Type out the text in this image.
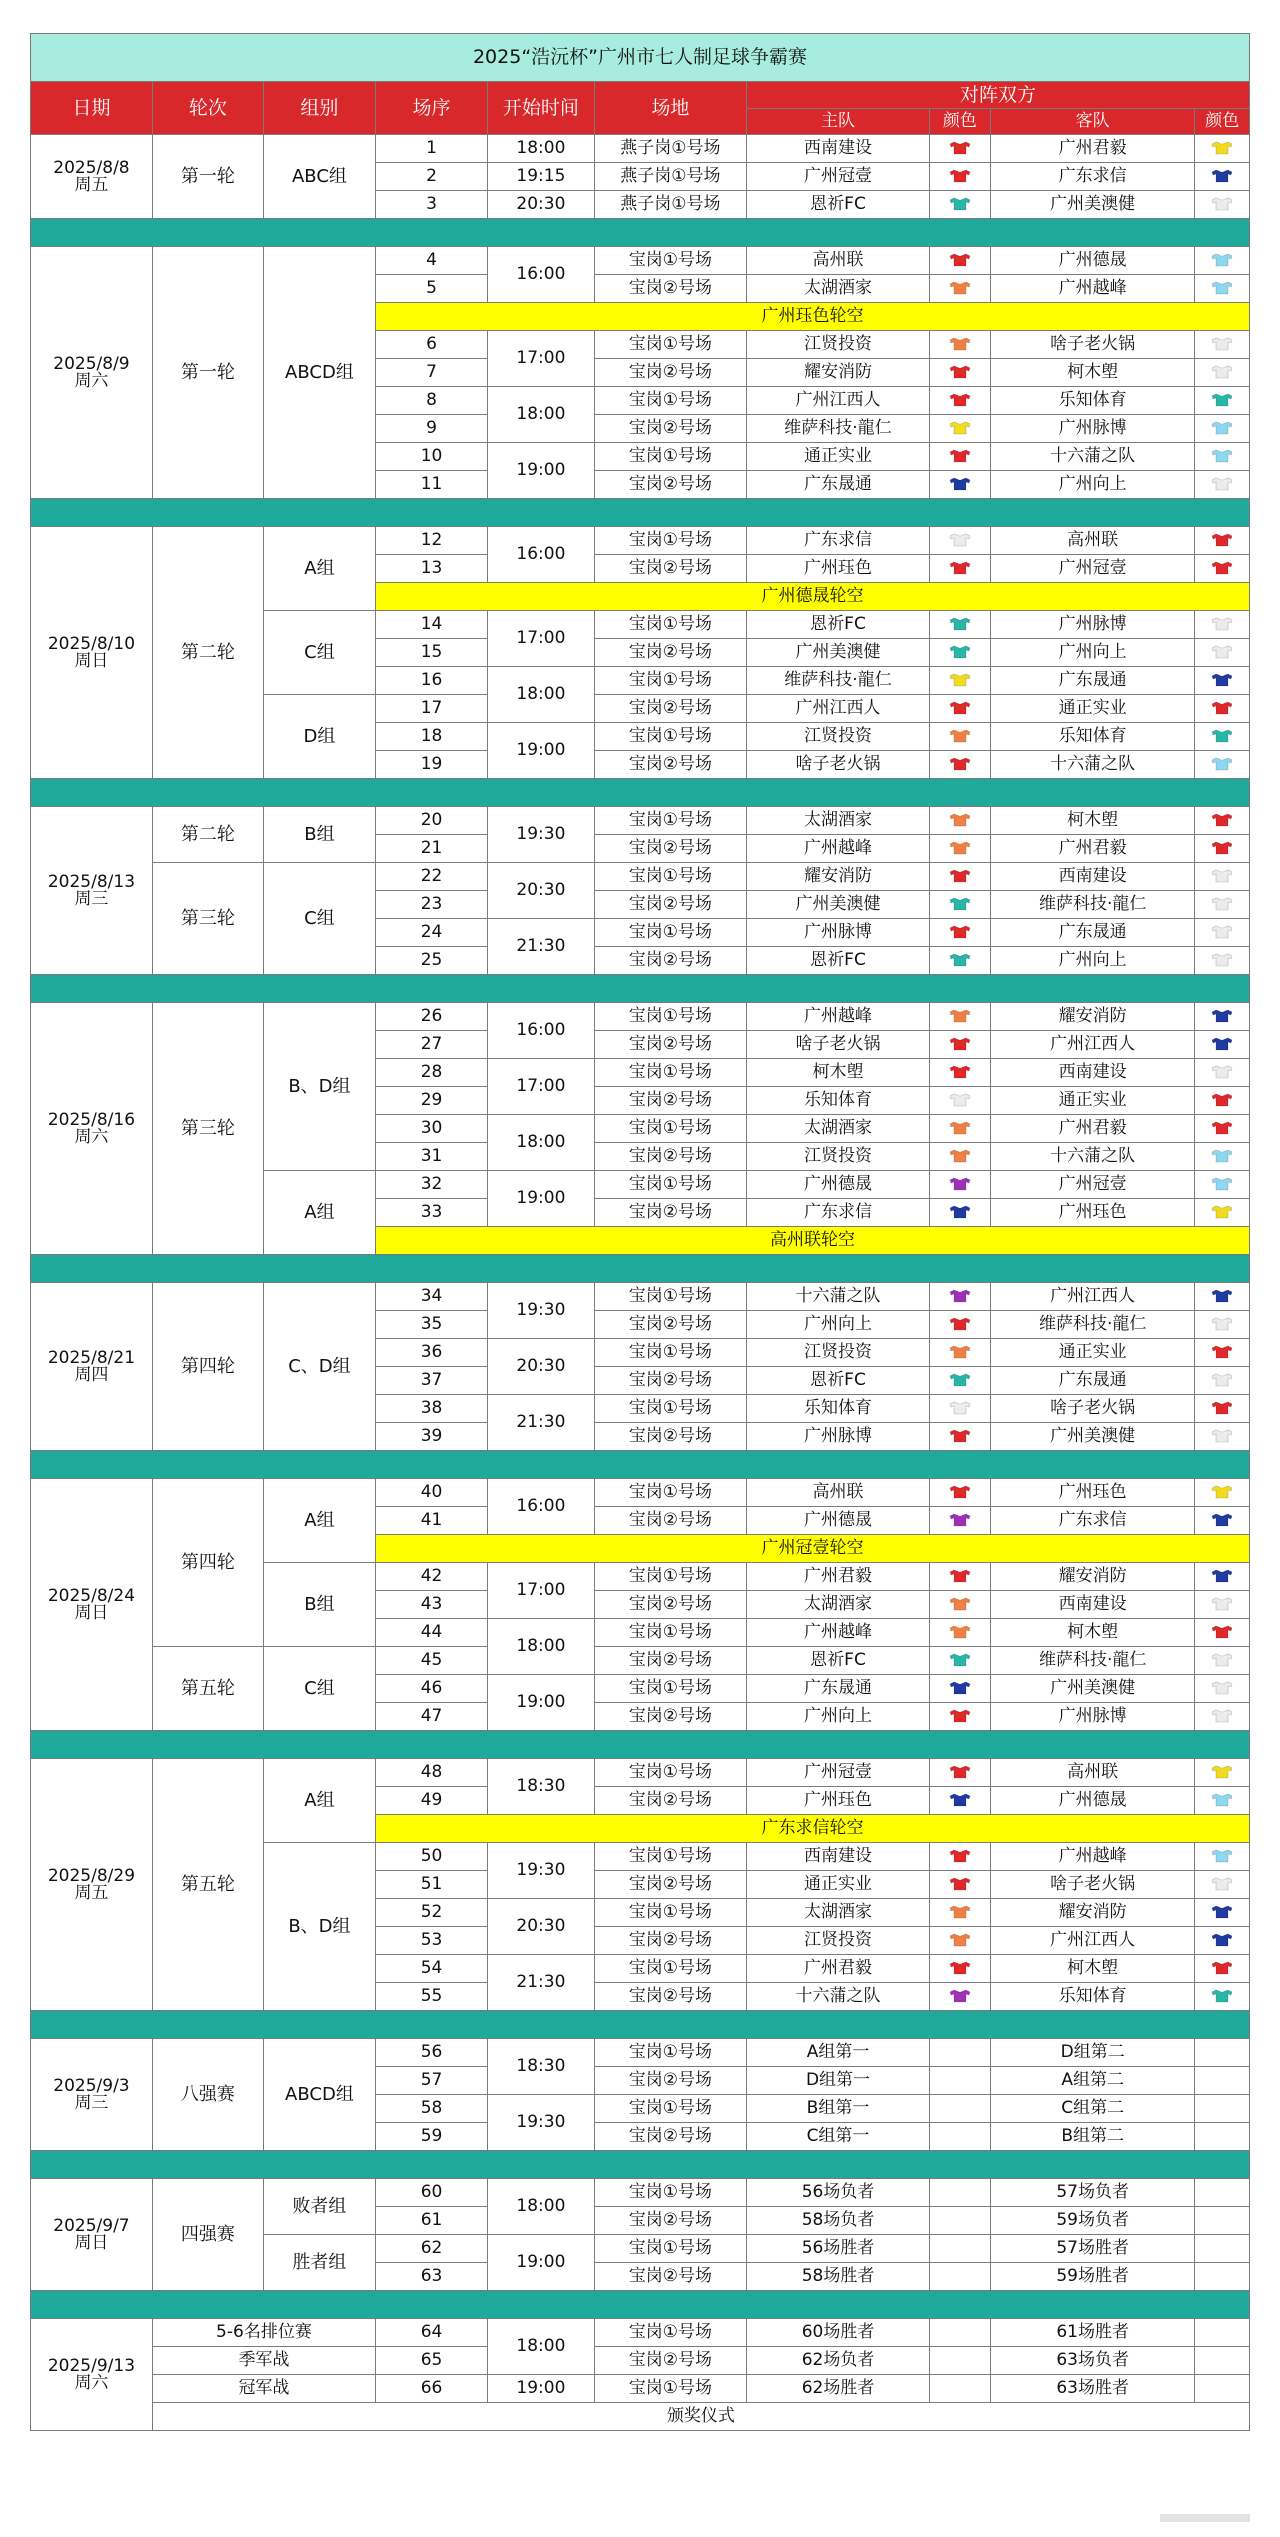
2025“浩沅杯”广州市七人制足球争霸赛									
日期	轮次	组别	场序	开始时间	场地	对阵双方			
						主队	颜色	客队	颜色

2025/8/8
周五	第一轮	ABC组	1	18:00	燕子岗①号场	西南建设		广州君毅	

			2	19:15	燕子岗①号场	广州冠壹		广东求信	

			3	20:30	燕子岗①号场	恩祈FC		广州美澳健	

2025/8/9
周六	第一轮	ABCD组	4	16:00	宝岗①号场	高州联		广州德晟	

			5		宝岗②号场	太湖酒家		广州越峰	

			广州珏色轮空						
			6	17:00	宝岗①号场	江贤投资		啥子老火锅	

			7		宝岗②号场	耀安消防		柯木塱	

			8	18:00	宝岗①号场	广州江西人		乐知体育	

			9		宝岗②号场	维萨科技·龍仁		广州脉博	

			10	19:00	宝岗①号场	通正实业		十六蒲之队	

			11		宝岗②号场	广东晟通		广州向上	

2025/8/10
周日	第二轮	A组	12	16:00	宝岗①号场	广东求信		高州联	

			13		宝岗②号场	广州珏色		广州冠壹	

			广州德晟轮空						
		C组	14	17:00	宝岗①号场	恩祈FC		广州脉博	

			15		宝岗②号场	广州美澳健		广州向上	

			16	18:00	宝岗①号场	维萨科技·龍仁		广东晟通	

		D组	17		宝岗②号场	广州江西人		通正实业	

			18	19:00	宝岗①号场	江贤投资		乐知体育	

			19		宝岗②号场	啥子老火锅		十六蒲之队	

2025/8/13
周三	第二轮	B组	20	19:30	宝岗①号场	太湖酒家		柯木塱	

			21		宝岗②号场	广州越峰		广州君毅	

	第三轮	C组	22	20:30	宝岗①号场	耀安消防		西南建设	

			23		宝岗②号场	广州美澳健		维萨科技·龍仁	

			24	21:30	宝岗①号场	广州脉博		广东晟通	

			25		宝岗②号场	恩祈FC		广州向上	

2025/8/16
周六	第三轮	B、D组	26	16:00	宝岗①号场	广州越峰		耀安消防	

			27		宝岗②号场	啥子老火锅		广州江西人	

			28	17:00	宝岗①号场	柯木塱		西南建设	

			29		宝岗②号场	乐知体育		通正实业	

			30	18:00	宝岗①号场	太湖酒家		广州君毅	

			31		宝岗②号场	江贤投资		十六蒲之队	

		A组	32	19:00	宝岗①号场	广州德晟		广州冠壹	

			33		宝岗②号场	广东求信		广州珏色	

			高州联轮空						

2025/8/21
周四	第四轮	C、D组	34	19:30	宝岗①号场	十六蒲之队		广州江西人	

			35		宝岗②号场	广州向上		维萨科技·龍仁	

			36	20:30	宝岗①号场	江贤投资		通正实业	

			37		宝岗②号场	恩祈FC		广东晟通	

			38	21:30	宝岗①号场	乐知体育		啥子老火锅	

			39		宝岗②号场	广州脉博		广州美澳健	

2025/8/24
周日	第四轮	A组	40	16:00	宝岗①号场	高州联		广州珏色	

			41		宝岗②号场	广州德晟		广东求信	

			广州冠壹轮空						
		B组	42	17:00	宝岗①号场	广州君毅		耀安消防	

			43		宝岗②号场	太湖酒家		西南建设	

			44	18:00	宝岗①号场	广州越峰		柯木塱	

	第五轮	C组	45		宝岗②号场	恩祈FC		维萨科技·龍仁	

			46	19:00	宝岗①号场	广东晟通		广州美澳健	

			47		宝岗②号场	广州向上		广州脉博	

2025/8/29
周五	第五轮	A组	48	18:30	宝岗①号场	广州冠壹		高州联	

			49		宝岗②号场	广州珏色		广州德晟	

			广东求信轮空						
		B、D组	50	19:30	宝岗①号场	西南建设		广州越峰	

			51		宝岗②号场	通正实业		啥子老火锅	

			52	20:30	宝岗①号场	太湖酒家		耀安消防	

			53		宝岗②号场	江贤投资		广州江西人	

			54	21:30	宝岗①号场	广州君毅		柯木塱	

			55		宝岗②号场	十六蒲之队		乐知体育	

2025/9/3
周三	八强赛	ABCD组	56	18:30	宝岗①号场	A组第一		D组第二	
			57		宝岗②号场	D组第一		A组第二	
			58	19:30	宝岗①号场	B组第一		C组第二	
			59		宝岗②号场	C组第一		B组第二	

2025/9/7
周日	四强赛	败者组	60	18:00	宝岗①号场	56场负者		57场负者	
			61		宝岗②号场	58场负者		59场负者	
		胜者组	62	19:00	宝岗①号场	56场胜者		57场胜者	
			63		宝岗②号场	58场胜者		59场胜者	

2025/9/13
周六	5-6名排位赛		64	18:00	宝岗①号场	60场胜者		61场胜者	
	季军战		65		宝岗②号场	62场负者		63场负者	
	冠军战		66	19:00	宝岗①号场	62场胜者		63场胜者	
	颁奖仪式								
